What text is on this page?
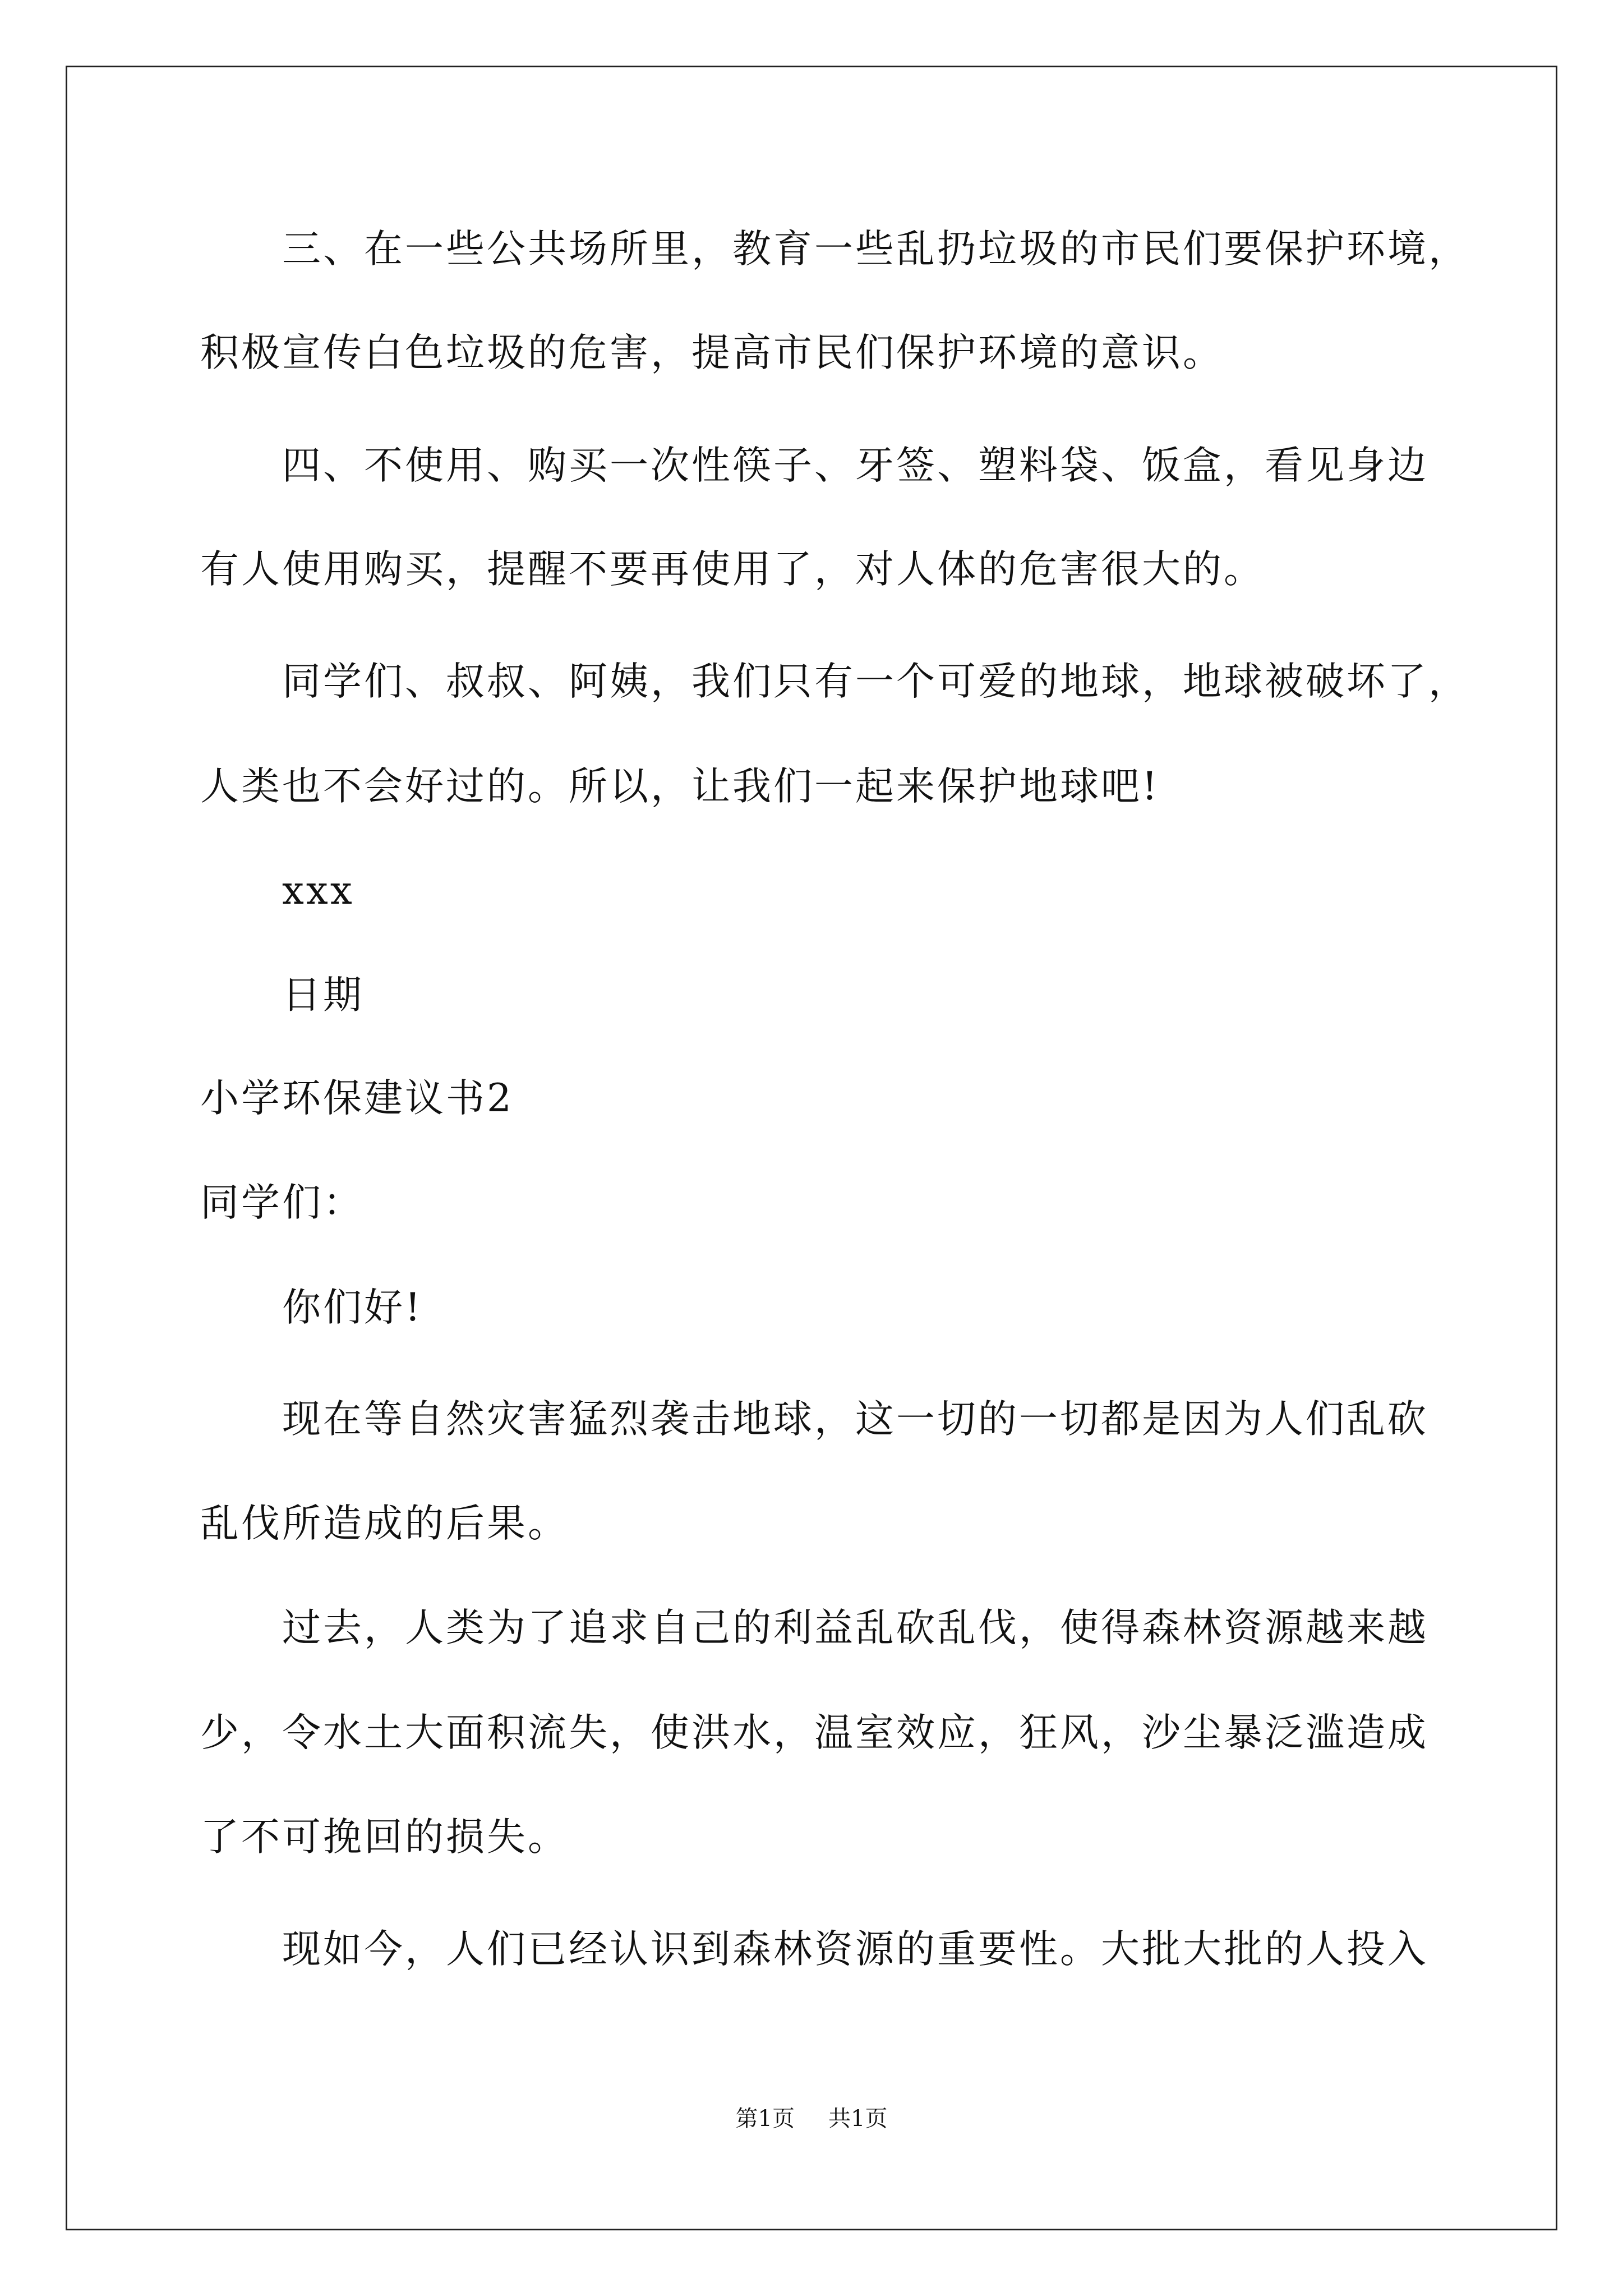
三、在一些公共场所里，教育一些乱扔垃圾的市民们要保护环境，
积极宣传白色垃圾的危害，提高市民们保护环境的意识。
四、不使用、购买一次性筷子、牙签、塑料袋、饭盒，看见身边
有人使用购买，提醒不要再使用了，对人体的危害很大的。
同学们、叔叔、阿姨，我们只有一个可爱的地球，地球被破坏了，
人类也不会好过的。所以，让我们一起来保护地球吧!
xxx
日期
小学环保建议书2
同学们：
你们好!
现在等自然灾害猛烈袭击地球，这一切的一切都是因为人们乱砍
乱伐所造成的后果。
过去，人类为了追求自己的利益乱砍乱伐，使得森林资源越来越
少，令水土大面积流失，使洪水，温室效应，狂风，沙尘暴泛滥造成
了不可挽回的损失。
现如今，人们已经认识到森林资源的重要性。大批大批的人投入
第1页 共1页
